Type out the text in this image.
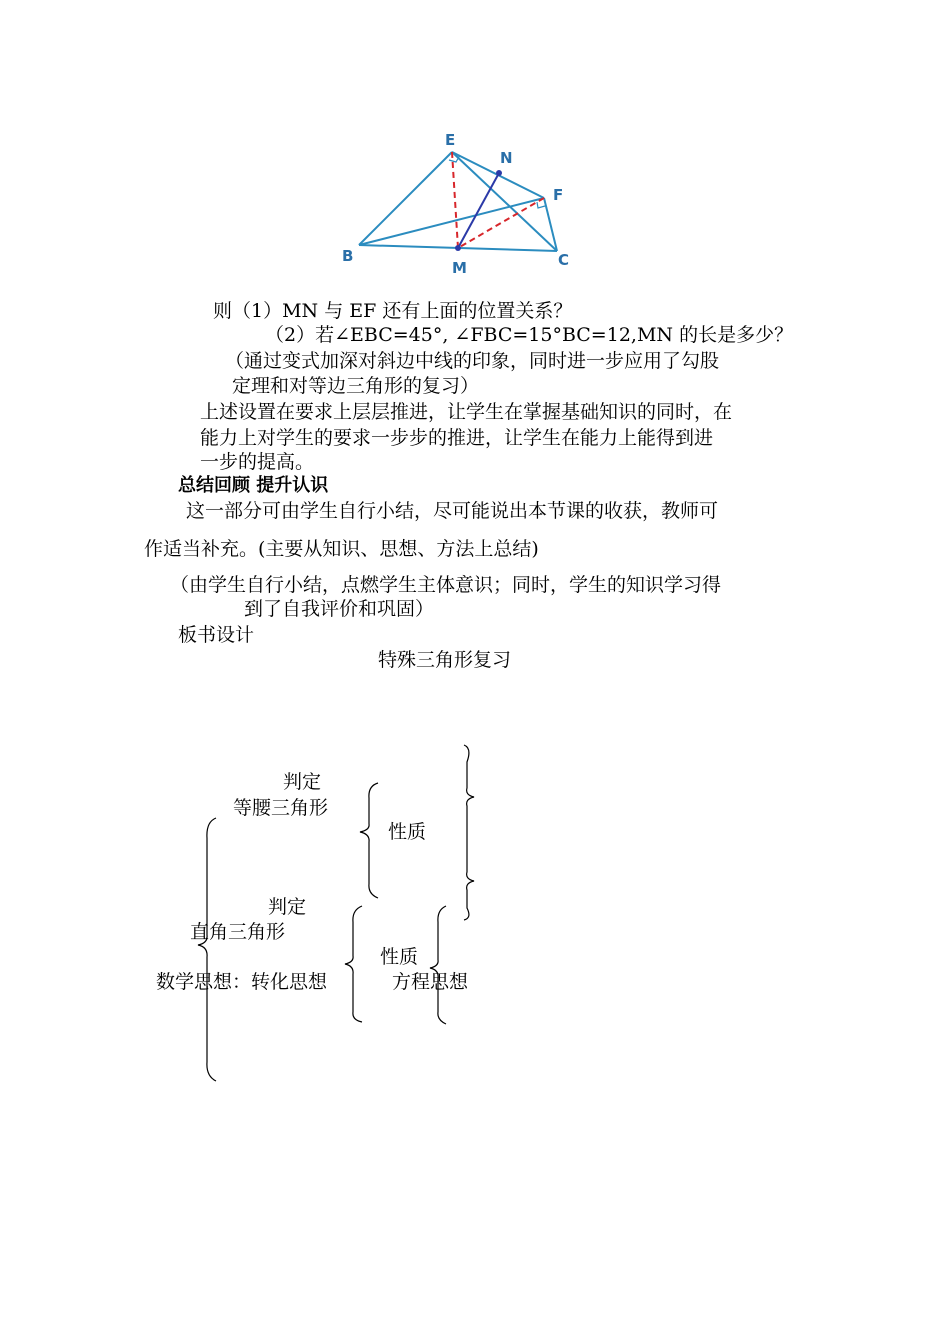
E
N
F
B
M	C
则（1）MN 与 EF 还有上面的位置关系？
（2）若∠EBC=45°, ∠FBC=15°BC=12,MN 的长是多少？
（通过变式加深对斜边中线的印象，同时进一步应用了勾股
定理和对等边三角形的复习）
上述设置在要求上层层推进，让学生在掌握基础知识的同时，在
能力上对学生的要求一步步的推进，让学生在能力上能得到进
一步的提高。
总结回顾 提升认识
这一部分可由学生自行小结，尽可能说出本节课的收获，教师可
作适当补充。(主要从知识、思想、方法上总结)
（由学生自行小结，点燃学生主体意识；同时，学生的知识学习得
到了自我评价和巩固）
板书设计
特殊三角形复习
判定
等腰三角形
性质
判定
直角三角形
性质
数学思想：转化思想	方程思想
